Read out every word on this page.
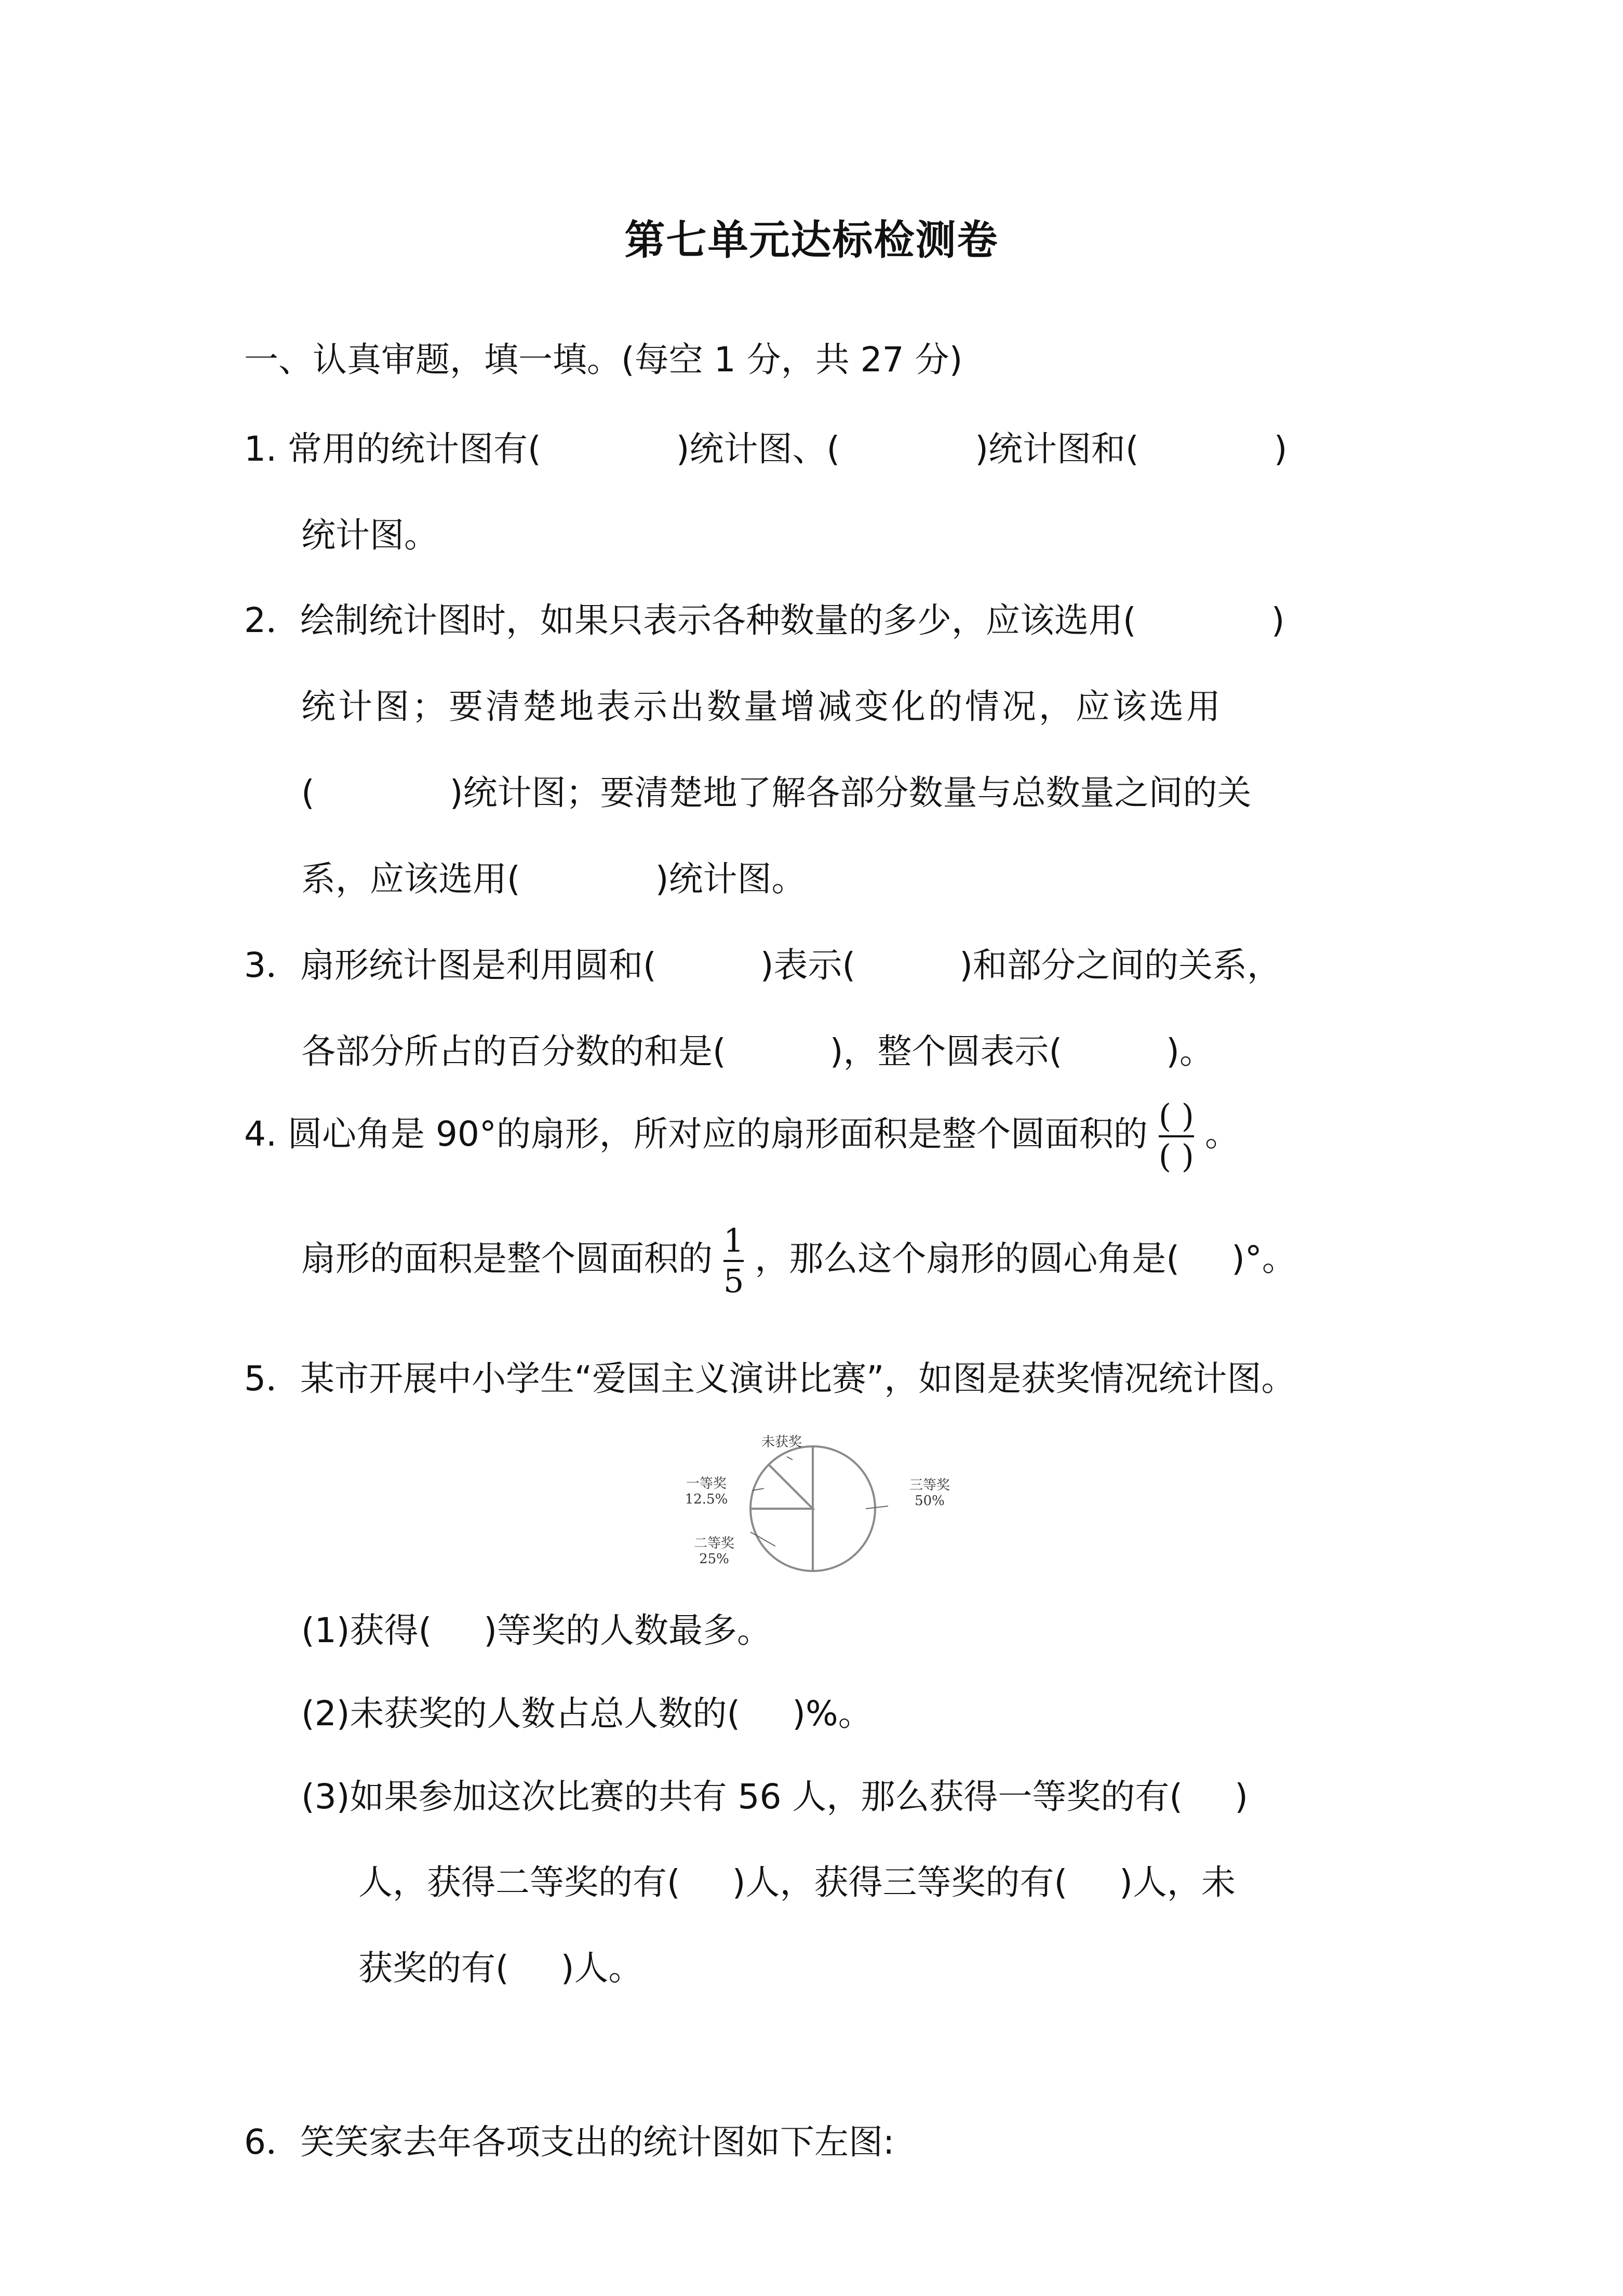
第七单元达标检测卷
一、认真审题，填一填。(每空 1 分，共 27 分)
1. 常用的统计图有(	)统计图、(	)统计图和(	)
统计图。
2．绘制统计图时，如果只表示各种数量的多少，应该选用(	)
统计图；要清楚地表示出数量增减变化的情况，应该选用
(	)统计图；要清楚地了解各部分数量与总数量之间的关
系，应该选用(	)统计图。
3．扇形统计图是利用圆和(	)表示(	)和部分之间的关系，
各部分所占的百分数的和是(	)，整个圆表示(	)。
4. 圆心角是 90°的扇形，所对应的扇形面积是整个圆面积的 $\frac{( )}{( )}$ 。
扇形的面积是整个圆面积的 $\frac{1}{5}$ ，那么这个扇形的圆心角是( )°。
5．某市开展中小学生“爱国主义演讲比赛”，如图是获奖情况统计图。
三等奖
50%
二等奖
25%
一等奖
12.5%
未获奖
(1)获得( )等奖的人数最多。
(2)未获奖的人数占总人数的( )%。
(3)如果参加这次比赛的共有 56 人，那么获得一等奖的有( )
人，获得二等奖的有( )人，获得三等奖的有( )人，未
获奖的有( )人。
6．笑笑家去年各项支出的统计图如下左图:
